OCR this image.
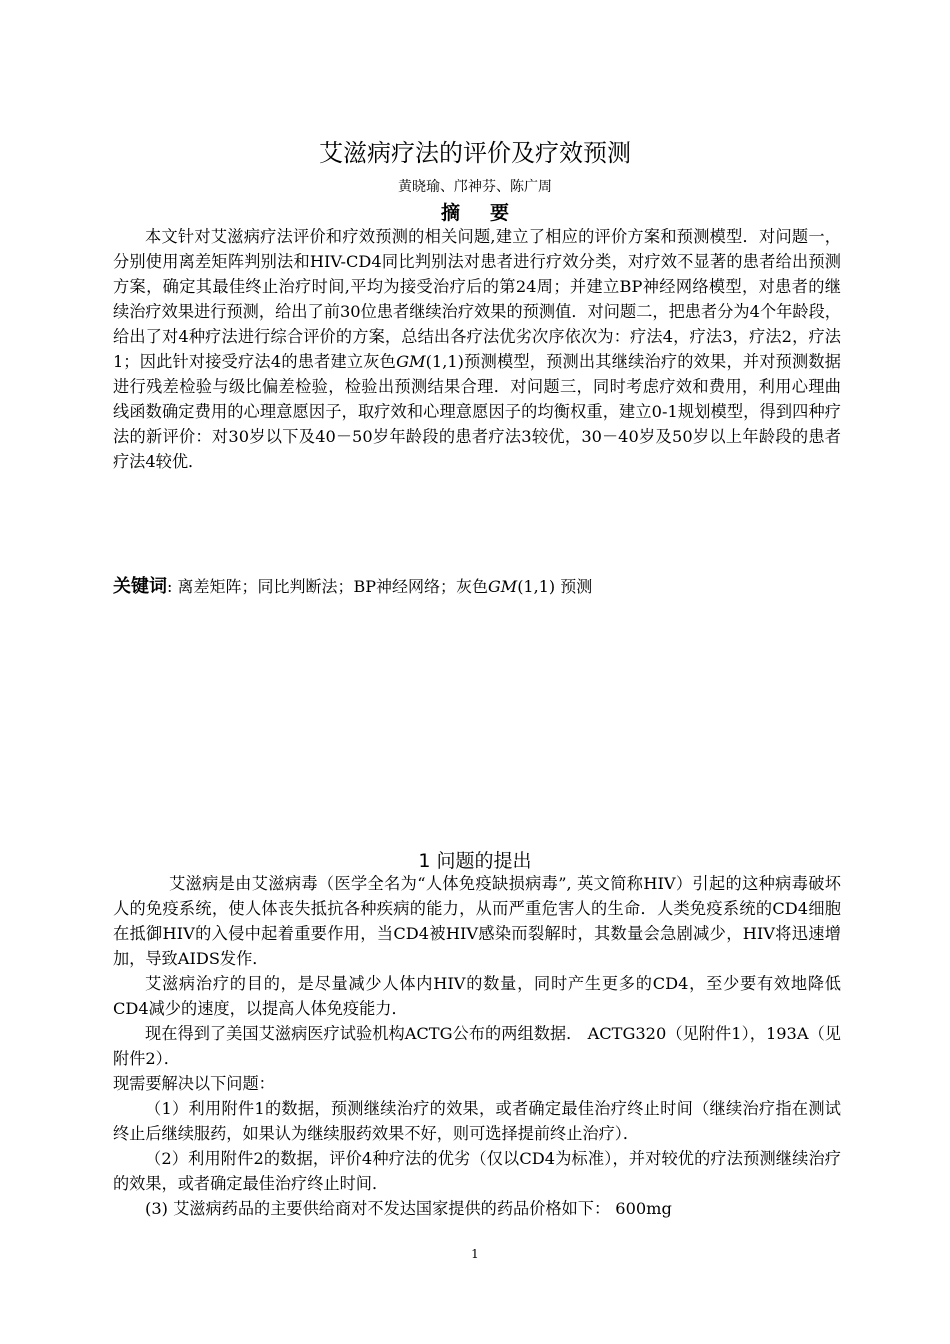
艾滋病疗法的评价及疗效预测
黄晓瑜、邝神芬、陈广周
摘要

本文针对艾滋病疗法评价和疗效预测的相关问题,建立了相应的评价方案和预测模型．对问题一，分别使用离差矩阵判别法和HIV-CD4同比判别法对患者进行疗效分类，对疗效不显著的患者给出预测方案，确定其最佳终止治疗时间,平均为接受治疗后的第24周；并建立BP神经网络模型，对患者的继续治疗效果进行预测，给出了前30位患者继续治疗效果的预测值．对问题二，把患者分为4个年龄段，给出了对4种疗法进行综合评价的方案，总结出各疗法优劣次序依次为：疗法4，疗法3，疗法2，疗法1；因此针对接受疗法4的患者建立灰色GM(1,1)预测模型，预测出其继续治疗的效果，并对预测数据进行残差检验与级比偏差检验，检验出预测结果合理．对问题三，同时考虑疗效和费用，利用心理曲线函数确定费用的心理意愿因子，取疗效和心理意愿因子的均衡权重，建立0-1规划模型，得到四种疗法的新评价：对30岁以下及40－50岁年龄段的患者疗法3较优，30－40岁及50岁以上年龄段的患者疗法4较优．

关键词: 离差矩阵；同比判断法；BP神经网络；灰色GM(1,1) 预测
1 问题的提出

艾滋病是由艾滋病毒（医学全名为“人体免疫缺损病毒”, 英文简称HIV）引起的这种病毒破坏人的免疫系统，使人体丧失抵抗各种疾病的能力，从而严重危害人的生命．人类免疫系统的CD4细胞在抵御HIV的入侵中起着重要作用，当CD4被HIV感染而裂解时，其数量会急剧减少，HIV将迅速增加，导致AIDS发作．

艾滋病治疗的目的，是尽量减少人体内HIV的数量，同时产生更多的CD4，至少要有效地降低CD4减少的速度，以提高人体免疫能力．

现在得到了美国艾滋病医疗试验机构ACTG公布的两组数据． ACTG320（见附件1），193A（见附件2）．

现需要解决以下问题：

（1）利用附件1的数据，预测继续治疗的效果，或者确定最佳治疗终止时间（继续治疗指在测试终止后继续服药，如果认为继续服药效果不好，则可选择提前终止治疗）．

（2）利用附件2的数据，评价4种疗法的优劣（仅以CD4为标准），并对较优的疗法预测继续治疗的效果，或者确定最佳治疗终止时间．

(3) 艾滋病药品的主要供给商对不发达国家提供的药品价格如下： 600mg

1
